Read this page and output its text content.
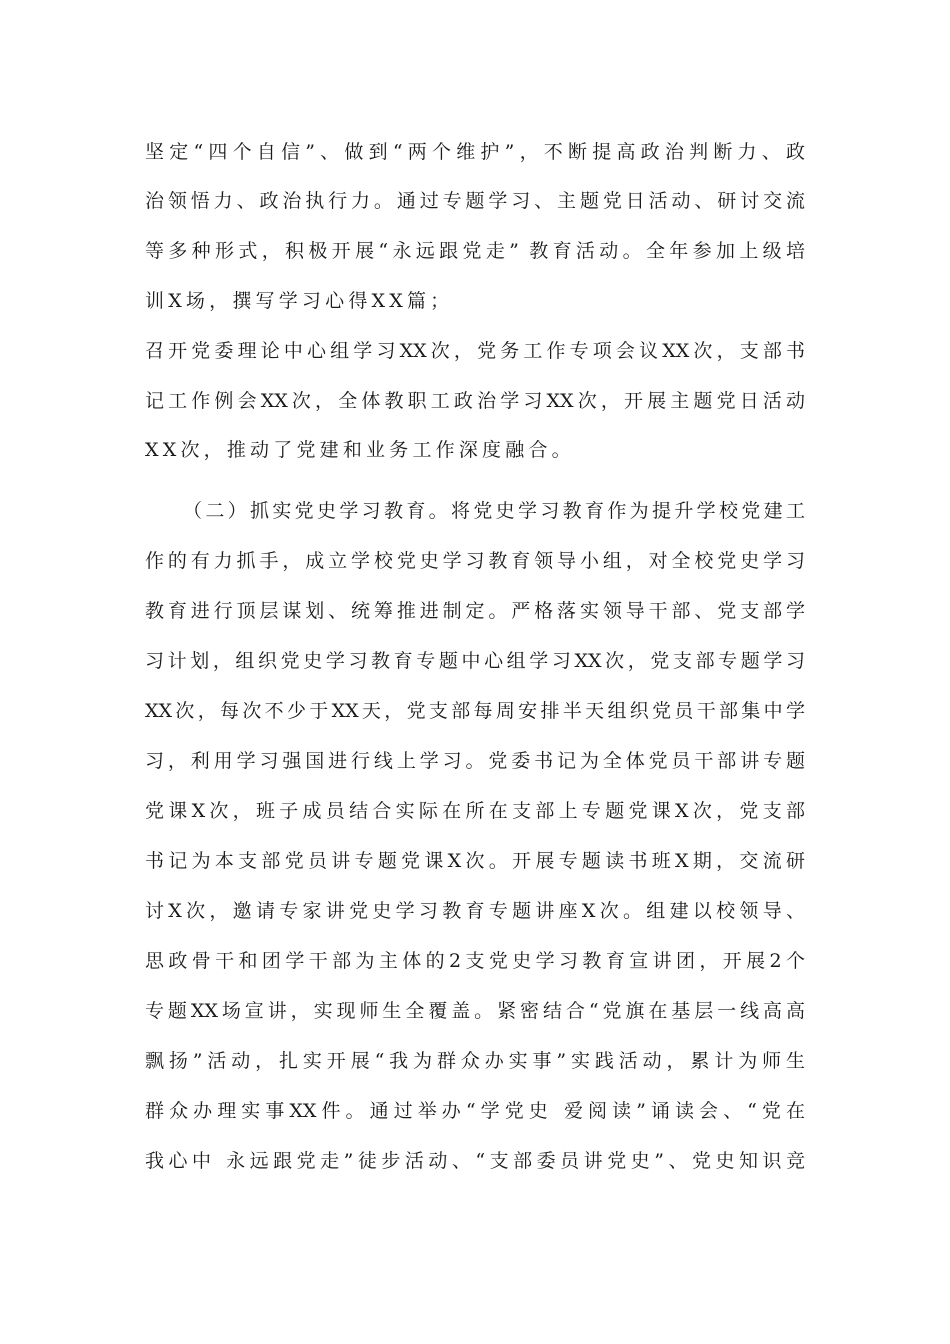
坚定“四个自信”、做到“两个维护”，不断提高政治判断力、政
治领悟力、政治执行力。通过专题学习、主题党日活动、研讨交流
等多种形式，积极开展“永远跟党走” 教育活动。全年参加上级培
训X场，撰写学习心得XX篇；
召开党委理论中心组学习XX次，党务工作专项会议XX次，支部书
记工作例会XX次，全体教职工政治学习XX次，开展主题党日活动
XX次，推动了党建和业务工作深度融合。
（二）抓实党史学习教育。将党史学习教育作为提升学校党建工
作的有力抓手，成立学校党史学习教育领导小组，对全校党史学习
教育进行顶层谋划、统筹推进制定。严格落实领导干部、党支部学
习计划，组织党史学习教育专题中心组学习XX次，党支部专题学习
XX次，每次不少于XX天，党支部每周安排半天组织党员干部集中学
习，利用学习强国进行线上学习。党委书记为全体党员干部讲专题
党课X次，班子成员结合实际在所在支部上专题党课X次，党支部
书记为本支部党员讲专题党课X次。开展专题读书班X期，交流研
讨X次，邀请专家讲党史学习教育专题讲座X次。组建以校领导、
思政骨干和团学干部为主体的2支党史学习教育宣讲团，开展2个
专题XX场宣讲，实现师生全覆盖。紧密结合“党旗在基层一线高高
飘扬”活动，扎实开展“我为群众办实事”实践活动，累计为师生
群众办理实事XX件。通过举办“学党史 爱阅读”诵读会、“党在
我心中 永远跟党走”徒步活动、“支部委员讲党史”、党史知识竞
